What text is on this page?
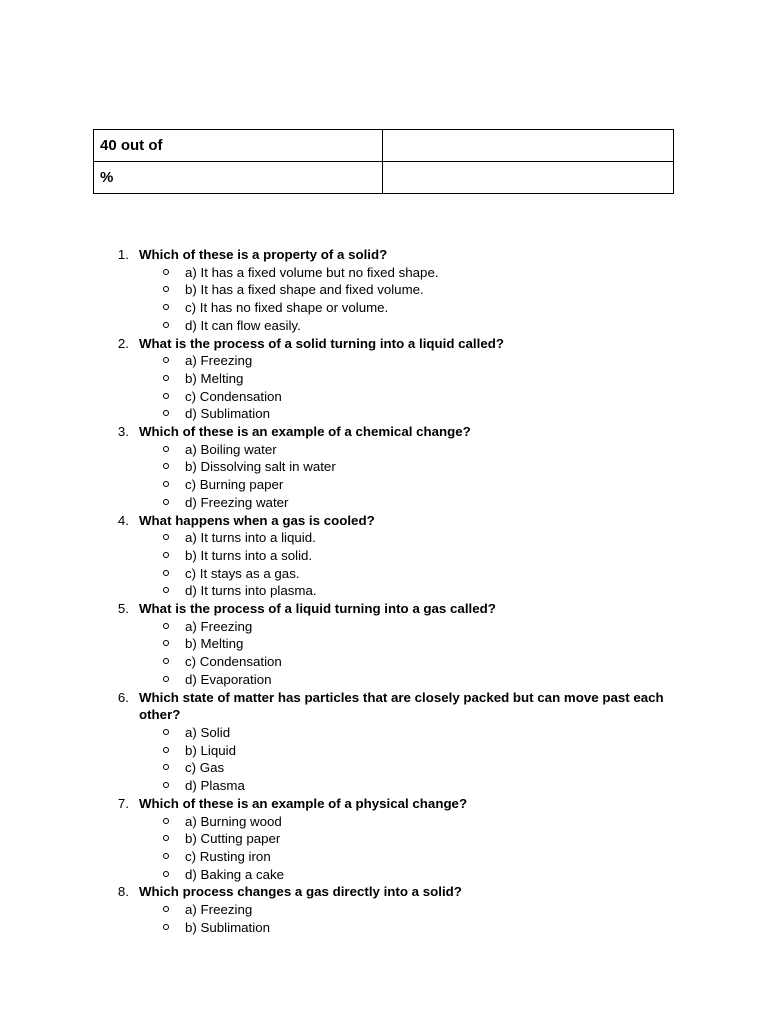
40 out of	
%	
1. Which of these is a property of a solid?
a) It has a fixed volume but no fixed shape.
b) It has a fixed shape and fixed volume.
c) It has no fixed shape or volume.
d) It can flow easily.
2. What is the process of a solid turning into a liquid called?
a) Freezing
b) Melting
c) Condensation
d) Sublimation
3. Which of these is an example of a chemical change?
a) Boiling water
b) Dissolving salt in water
c) Burning paper
d) Freezing water
4. What happens when a gas is cooled?
a) It turns into a liquid.
b) It turns into a solid.
c) It stays as a gas.
d) It turns into plasma.
5. What is the process of a liquid turning into a gas called?
a) Freezing
b) Melting
c) Condensation
d) Evaporation
6. Which state of matter has particles that are closely packed but can move past each other?
a) Solid
b) Liquid
c) Gas
d) Plasma
7. Which of these is an example of a physical change?
a) Burning wood
b) Cutting paper
c) Rusting iron
d) Baking a cake
8. Which process changes a gas directly into a solid?
a) Freezing
b) Sublimation
